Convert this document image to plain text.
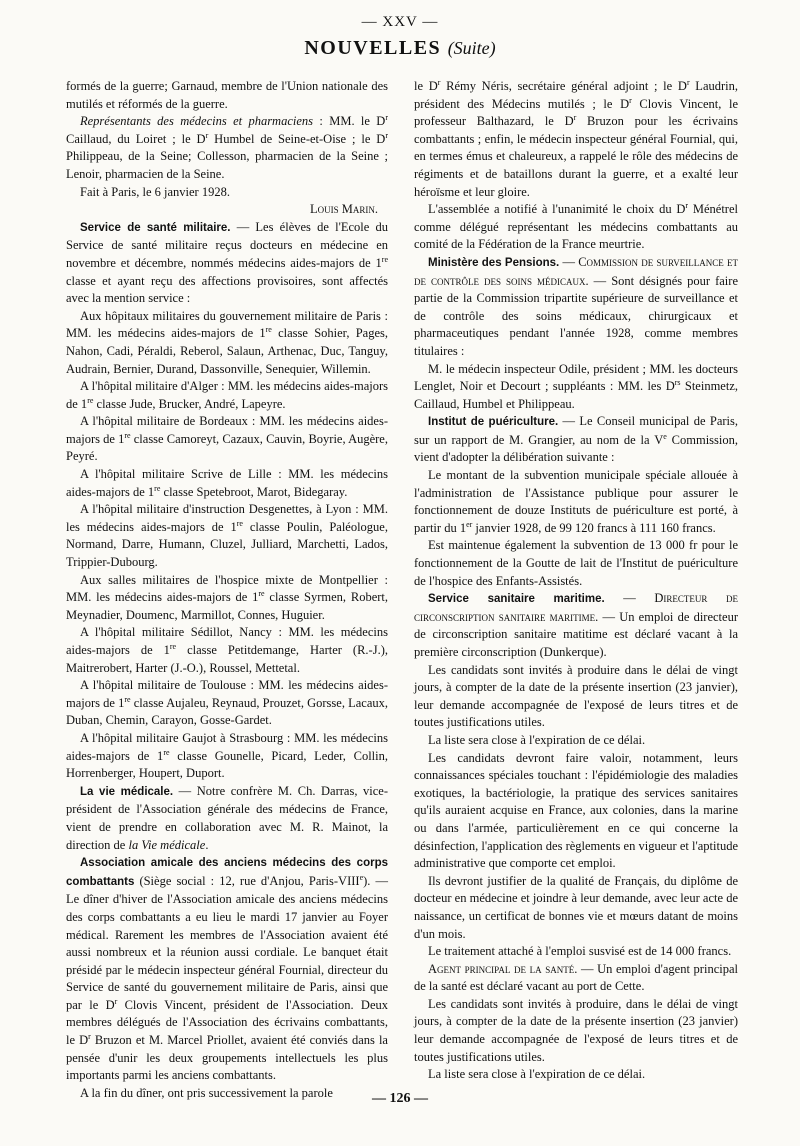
— XXV —
NOUVELLES (Suite)

formés de la guerre; Garnaud, membre de l'Union nationale des mutilés et réformés de la guerre.

Représentants des médecins et pharmaciens : MM. le $D^r$ Caillaud, du Loiret ; le $D^r$ Humbel de Seine-et-Oise ; le $D^r$ Philippeau, de la Seine; Collesson, pharmacien de la Seine ; Lenoir, pharmacien de la Seine.

Fait à Paris, le 6 janvier 1928.

Louis Marin.

Service de santé militaire. — Les élèves de l'Ecole du Service de santé militaire reçus docteurs en médecine en novembre et décembre, nommés médecins aides-majors de 1re classe et ayant reçu des affections provisoires, sont affectés avec la mention service :

Aux hôpitaux militaires du gouvernement militaire de Paris : MM. les médecins aides-majors de 1re classe Sohier, Pages, Nahon, Cadi, Péraldi, Reberol, Salaun, Arthenac, Duc, Tanguy, Audrain, Bernier, Durand, Dassonville, Senequier, Willemin.

A l'hôpital militaire d'Alger : MM. les médecins aides-majors de 1re classe Jude, Brucker, André, Lapeyre.

A l'hôpital militaire de Bordeaux : MM. les médecins aides-majors de 1re classe Camoreyt, Cazaux, Cauvin, Boyrie, Augère, Peyré.

A l'hôpital militaire Scrive de Lille : MM. les médecins aides-majors de 1re classe Spetebroot, Marot, Bidegaray.

A l'hôpital militaire d'instruction Desgenettes, à Lyon : MM. les médecins aides-majors de 1re classe Poulin, Paléologue, Normand, Darre, Humann, Cluzel, Julliard, Marchetti, Lados, Trippier-Dubourg.

Aux salles militaires de l'hospice mixte de Montpellier : MM. les médecins aides-majors de 1re classe Syrmen, Robert, Meynadier, Doumenc, Marmillot, Connes, Huguier.

A l'hôpital militaire Sédillot, Nancy : MM. les médecins aides-majors de 1re classe Petitdemange, Harter (R.-J.), Maitrerobert, Harter (J.-O.), Roussel, Mettetal.

A l'hôpital militaire de Toulouse : MM. les médecins aides-majors de 1re classe Aujaleu, Reynaud, Prouzet, Gorsse, Lacaux, Duban, Chemin, Carayon, Gosse-Gardet.

A l'hôpital militaire Gaujot à Strasbourg : MM. les médecins aides-majors de 1re classe Gounelle, Picard, Leder, Collin, Horrenberger, Houpert, Duport.

La vie médicale. — Notre confrère M. Ch. Darras, vice-président de l'Association générale des médecins de France, vient de prendre en collaboration avec M. R. Mainot, la direction de la Vie médicale.

Association amicale des anciens médecins des corps combattants (Siège social : 12, rue d'Anjou, Paris-VIIIe). — Le dîner d'hiver de l'Association amicale des anciens médecins des corps combattants a eu lieu le mardi 17 janvier au Foyer médical. Rarement les membres de l'Association avaient été aussi nombreux et la réunion aussi cordiale. Le banquet était présidé par le médecin inspecteur général Fournial, directeur du Service de santé du gouvernement militaire de Paris, ainsi que par le $D^r$ Clovis Vincent, président de l'Association. Deux membres délégués de l'Association des écrivains combattants, le $D^r$ Bruzon et M. Marcel Priollet, avaient été conviés dans la pensée d'unir les deux groupements intellectuels les plus importants parmi les anciens combattants.

A la fin du dîner, ont pris successivement la parole

le $D^r$ Rémy Néris, secrétaire général adjoint ; le $D^r$ Laudrin, président des Médecins mutilés ; le $D^r$ Clovis Vincent, le professeur Balthazard, le $D^r$ Bruzon pour les écrivains combattants ; enfin, le médecin inspecteur général Fournial, qui, en termes émus et chaleureux, a rappelé le rôle des médecins de régiments et de bataillons durant la guerre, et a exalté leur héroïsme et leur gloire.

L'assemblée a notifié à l'unanimité le choix du $D^r$ Ménétrel comme délégué représentant les médecins combattants au comité de la Fédération de la France meurtrie.

Ministère des Pensions. — Commission de surveillance et de contrôle des soins médicaux. — Sont désignés pour faire partie de la Commission tripartite supérieure de surveillance et de contrôle des soins médicaux, chirurgicaux et pharmaceutiques pendant l'année 1928, comme membres titulaires :

M. le médecin inspecteur Odile, président ; MM. les docteurs Lenglet, Noir et Decourt ; suppléants : MM. les $D^{rs}$ Steinmetz, Caillaud, Humbel et Philippeau.

Institut de puériculture. — Le Conseil municipal de Paris, sur un rapport de M. Grangier, au nom de la Ve Commission, vient d'adopter la délibération suivante :

Le montant de la subvention municipale spéciale allouée à l'administration de l'Assistance publique pour assurer le fonctionnement de douze Instituts de puériculture est porté, à partir du 1er janvier 1928, de 99 120 francs à 111 160 francs.

Est maintenue également la subvention de 13 000 fr pour le fonctionnement de la Goutte de lait de l'Institut de puériculture de l'hospice des Enfants-Assistés.

Service sanitaire maritime. — Directeur de circonscription sanitaire maritime. — Un emploi de directeur de circonscription sanitaire matitime est déclaré vacant à la première circonscription (Dunkerque).

Les candidats sont invités à produire dans le délai de vingt jours, à compter de la date de la présente insertion (23 janvier), leur demande accompagnée de l'exposé de leurs titres et de toutes justifications utiles.

La liste sera close à l'expiration de ce délai.

Les candidats devront faire valoir, notamment, leurs connaissances spéciales touchant : l'épidémiologie des maladies exotiques, la bactériologie, la pratique des services sanitaires qu'ils auraient acquise en France, aux colonies, dans la marine ou dans l'armée, particulièrement en ce qui concerne la désinfection, l'application des règlements en vigueur et l'aptitude administrative que comporte cet emploi.

Ils devront justifier de la qualité de Français, du diplôme de docteur en médecine et joindre à leur demande, avec leur acte de naissance, un certificat de bonnes vie et mœurs datant de moins d'un mois.

Le traitement attaché à l'emploi susvisé est de 14 000 francs.

Agent principal de la santé. — Un emploi d'agent principal de la santé est déclaré vacant au port de Cette.

Les candidats sont invités à produire, dans le délai de vingt jours, à compter de la date de la présente insertion (23 janvier) leur demande accompagnée de l'exposé de leurs titres et de toutes justifications utiles.

La liste sera close à l'expiration de ce délai.

— 126 —
